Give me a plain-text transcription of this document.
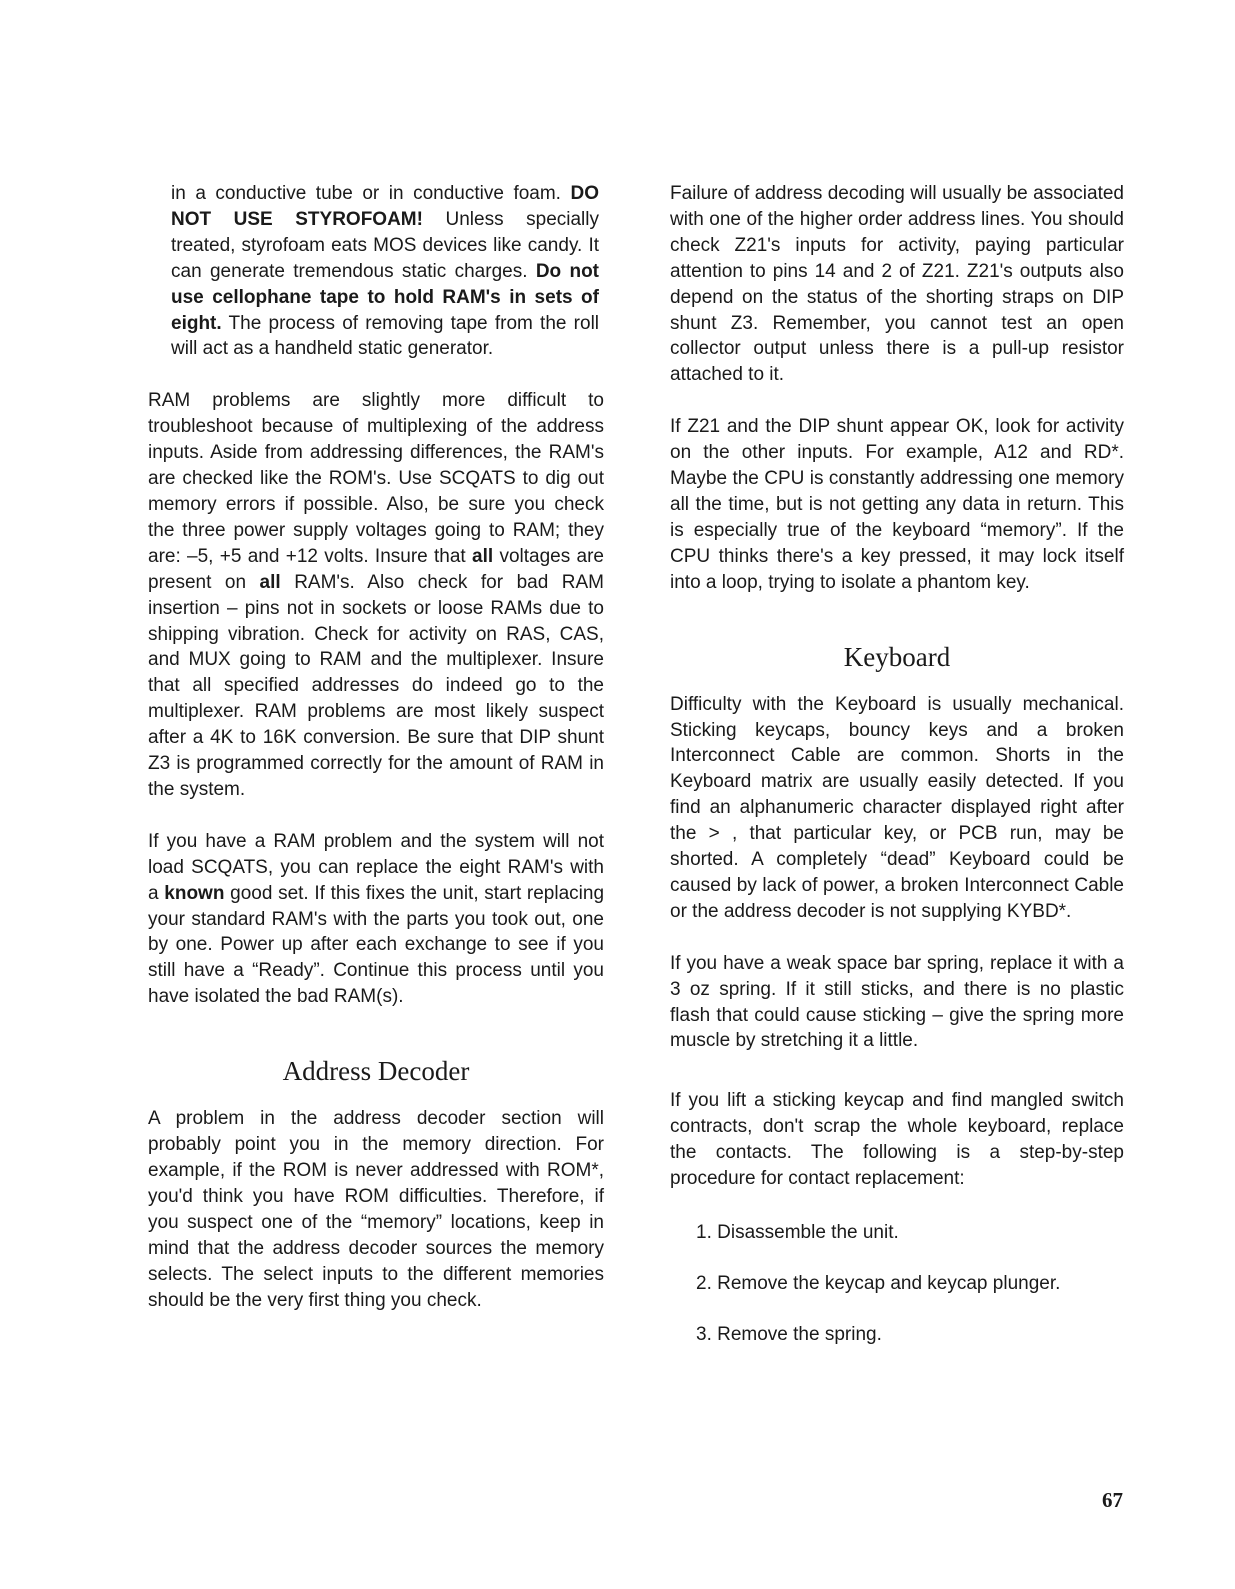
in a conductive tube or in conductive foam. DO NOT USE STYROFOAM! Unless specially treated, styrofoam eats MOS devices like candy. It can generate tremendous static charges. Do not use cellophane tape to hold RAM's in sets of eight. The process of removing tape from the roll will act as a handheld static generator.

RAM problems are slightly more difficult to troubleshoot because of multiplexing of the address inputs. Aside from addressing differences, the RAM's are checked like the ROM's. Use SCQATS to dig out memory errors if possible. Also, be sure you check the three power supply voltages going to RAM; they are: –5, +5 and +12 volts. Insure that all voltages are present on all RAM's. Also check for bad RAM insertion – pins not in sockets or loose RAMs due to shipping vibration. Check for activity on RAS, CAS, and MUX going to RAM and the multiplexer. Insure that all specified addresses do indeed go to the multiplexer. RAM problems are most likely suspect after a 4K to 16K conversion. Be sure that DIP shunt Z3 is programmed correctly for the amount of RAM in the system.

If you have a RAM problem and the system will not load SCQATS, you can replace the eight RAM's with a known good set. If this fixes the unit, start replacing your standard RAM's with the parts you took out, one by one. Power up after each exchange to see if you still have a “Ready”. Continue this process until you have isolated the bad RAM(s).

Address Decoder

A problem in the address decoder section will probably point you in the memory direction. For example, if the ROM is never addressed with ROM*, you'd think you have ROM difficulties. Therefore, if you suspect one of the “memory” locations, keep in mind that the address decoder sources the memory selects. The select inputs to the different memories should be the very first thing you check.

Failure of address decoding will usually be associated with one of the higher order address lines. You should check Z21's inputs for activity, paying particular attention to pins 14 and 2 of Z21. Z21's outputs also depend on the status of the shorting straps on DIP shunt Z3. Remember, you cannot test an open collector output unless there is a pull-up resistor attached to it.

If Z21 and the DIP shunt appear OK, look for activity on the other inputs. For example, A12 and RD*. Maybe the CPU is constantly addressing one memory all the time, but is not getting any data in return. This is especially true of the keyboard “memory”. If the CPU thinks there's a key pressed, it may lock itself into a loop, trying to isolate a phantom key.

Keyboard

Difficulty with the Keyboard is usually mechanical. Sticking keycaps, bouncy keys and a broken Interconnect Cable are common. Shorts in the Keyboard matrix are usually easily detected. If you find an alphanumeric character displayed right after the > , that particular key, or PCB run, may be shorted. A completely “dead” Keyboard could be caused by lack of power, a broken Interconnect Cable or the address decoder is not supplying KYBD*.

If you have a weak space bar spring, replace it with a 3 oz spring. If it still sticks, and there is no plastic flash that could cause sticking – give the spring more muscle by stretching it a little.

If you lift a sticking keycap and find mangled switch contracts, don't scrap the whole keyboard, replace the contacts. The following is a step-by-step procedure for contact replacement:

1. Disassemble the unit.
2. Remove the keycap and keycap plunger.
3. Remove the spring.
67
